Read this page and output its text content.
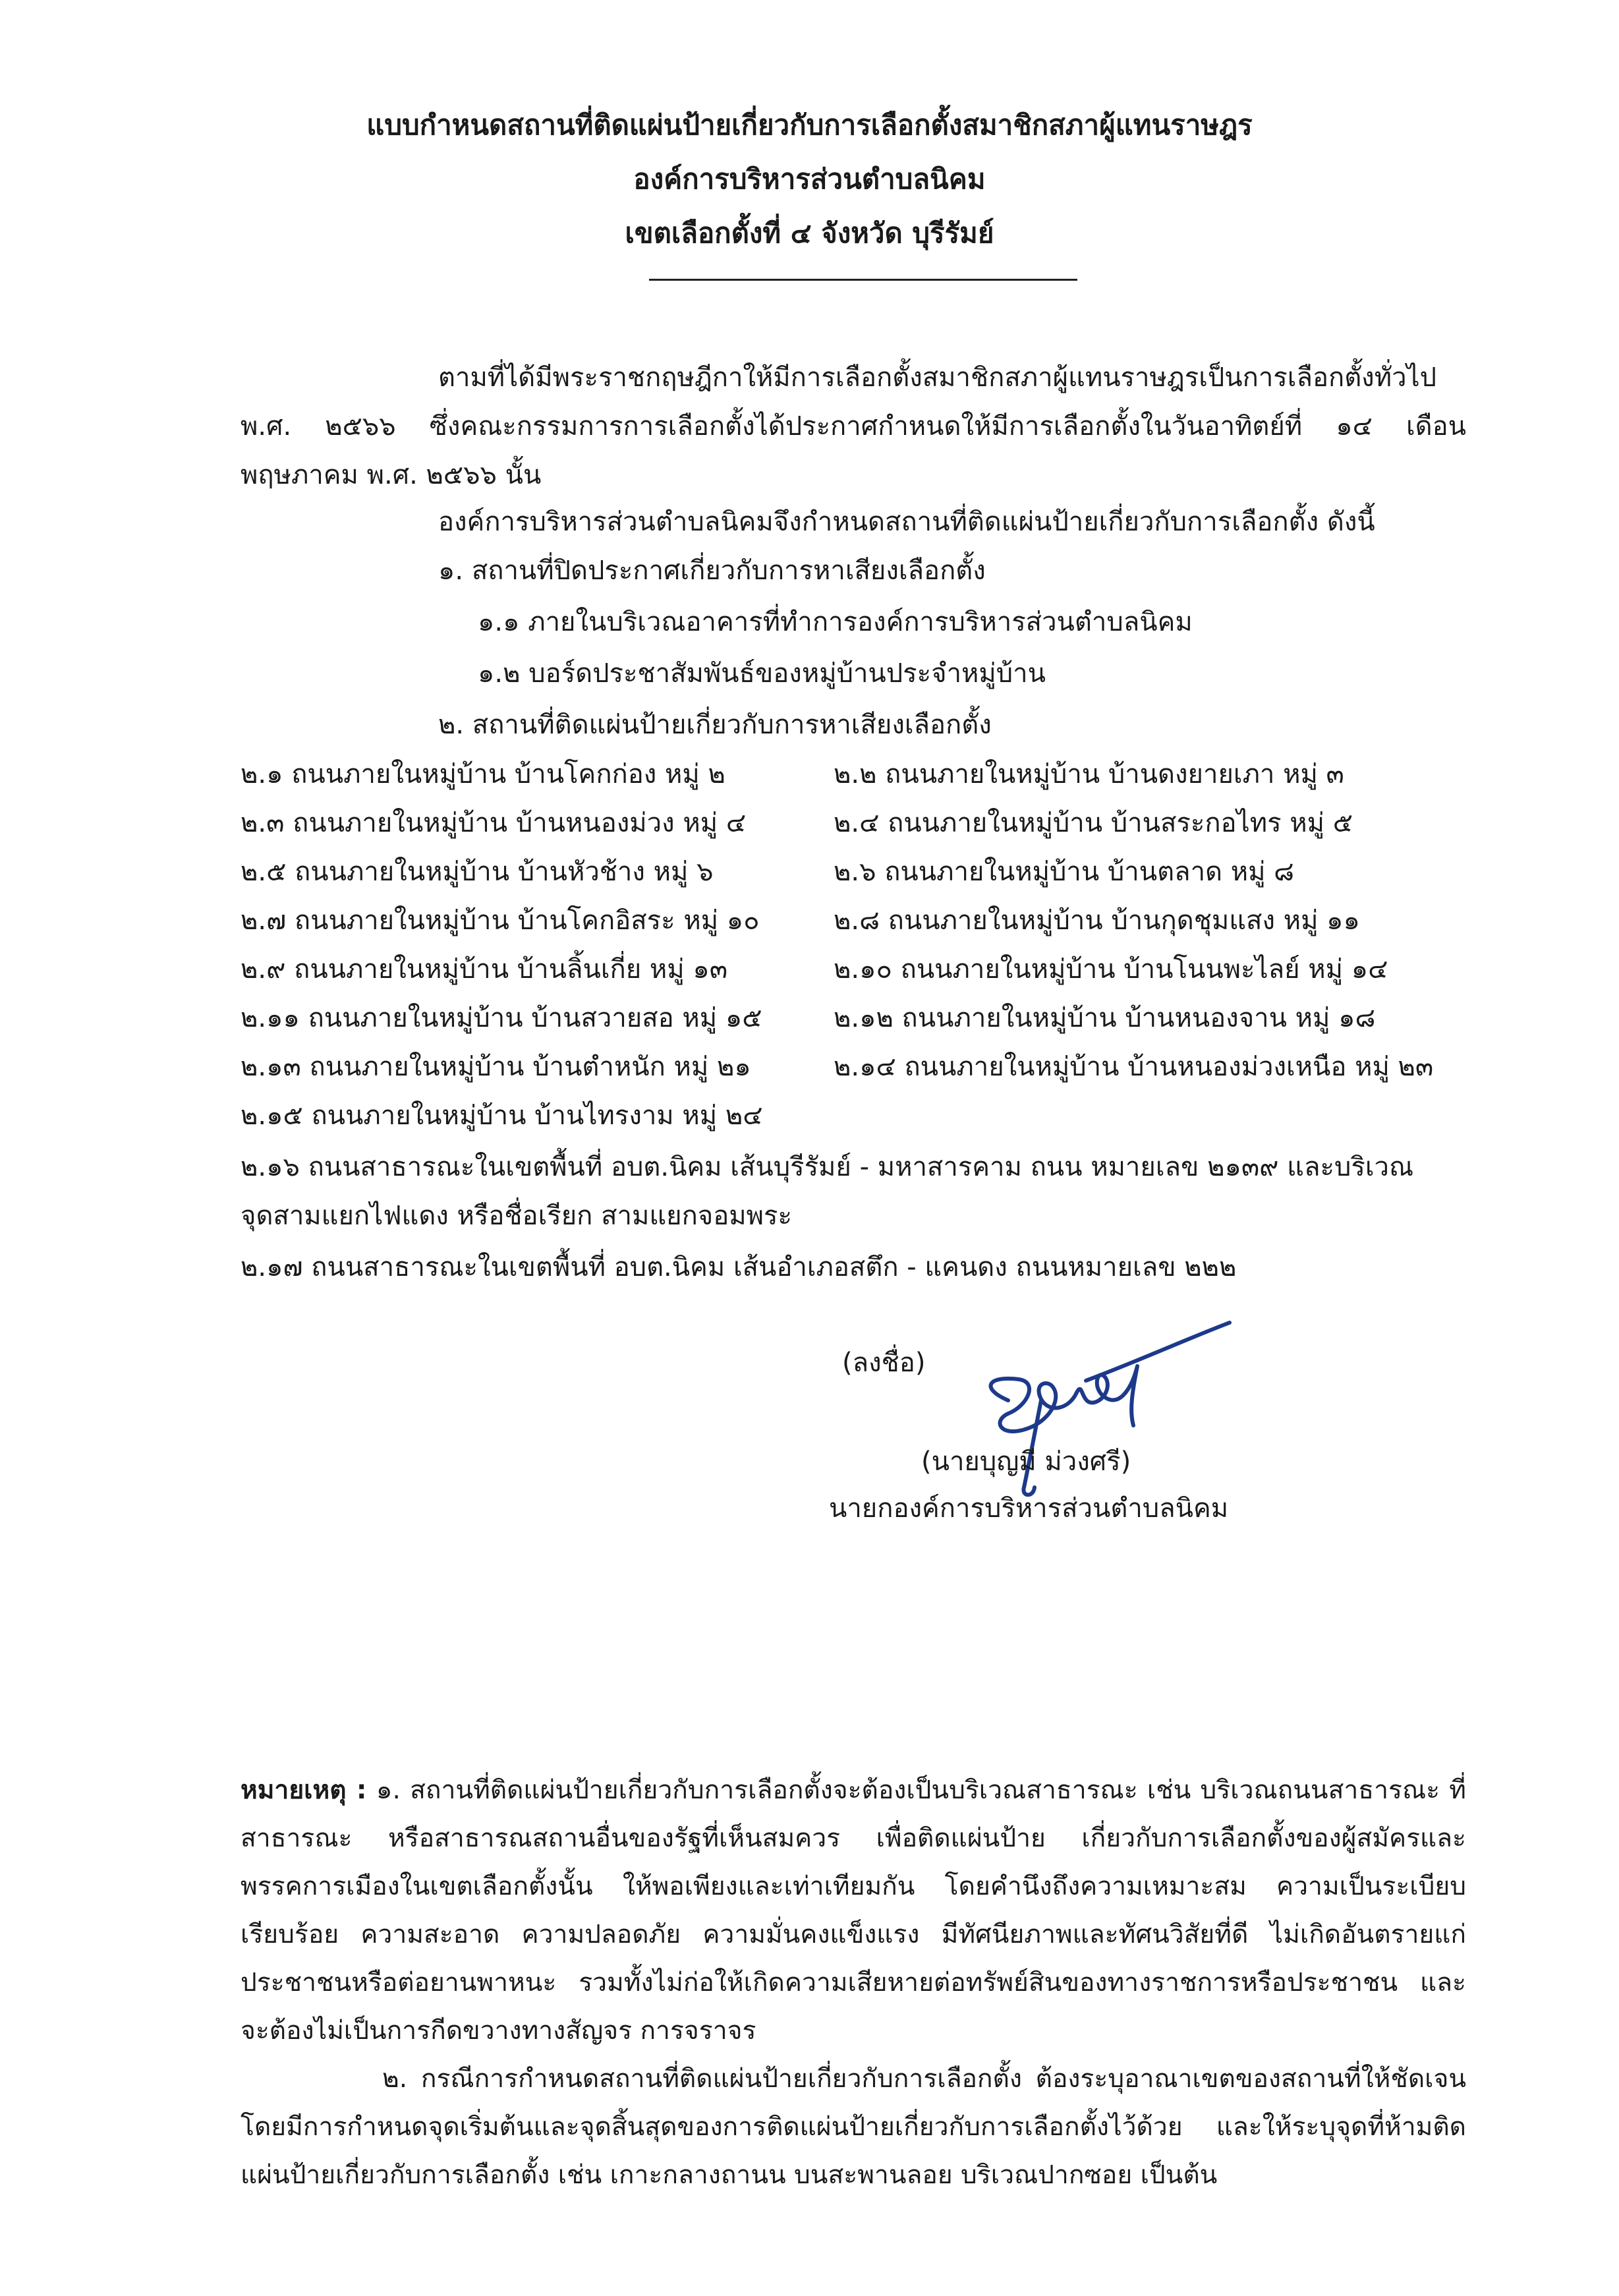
แบบกำหนดสถานที่ติดแผ่นป้ายเกี่ยวกับการเลือกตั้งสมาชิกสภาผู้แทนราษฎร
องค์การบริหารส่วนตำบลนิคม
เขตเลือกตั้งที่ ๔ จังหวัด บุรีรัมย์
ตามที่ได้มีพระราชกฤษฎีกาให้มีการเลือกตั้งสมาชิกสภาผู้แทนราษฎรเป็นการเลือกตั้งทั่วไป พ.ศ. ๒๕๖๖ ซึ่งคณะกรรมการการเลือกตั้งได้ประกาศกำหนดให้มีการเลือกตั้งในวันอาทิตย์ที่ ๑๔ เดือน พฤษภาคม พ.ศ. ๒๕๖๖ นั้น
องค์การบริหารส่วนตำบลนิคมจึงกำหนดสถานที่ติดแผ่นป้ายเกี่ยวกับการเลือกตั้ง ดังนี้
๑. สถานที่ปิดประกาศเกี่ยวกับการหาเสียงเลือกตั้ง
๑.๑ ภายในบริเวณอาคารที่ทำการองค์การบริหารส่วนตำบลนิคม
๑.๒ บอร์ดประชาสัมพันธ์ของหมู่บ้านประจำหมู่บ้าน
๒. สถานที่ติดแผ่นป้ายเกี่ยวกับการหาเสียงเลือกตั้ง
๒.๑ ถนนภายในหมู่บ้าน บ้านโคกก่อง หมู่ ๒
๒.๓ ถนนภายในหมู่บ้าน บ้านหนองม่วง หมู่ ๔
๒.๕ ถนนภายในหมู่บ้าน บ้านหัวช้าง หมู่ ๖
๒.๗ ถนนภายในหมู่บ้าน บ้านโคกอิสระ หมู่ ๑๐
๒.๙ ถนนภายในหมู่บ้าน บ้านลิ้นเกี่ย หมู่ ๑๓
๒.๑๑ ถนนภายในหมู่บ้าน บ้านสวายสอ หมู่ ๑๕
๒.๑๓ ถนนภายในหมู่บ้าน บ้านตำหนัก หมู่ ๒๑
๒.๑๕ ถนนภายในหมู่บ้าน บ้านไทรงาม หมู่ ๒๔
๒.๒ ถนนภายในหมู่บ้าน บ้านดงยายเภา หมู่ ๓
๒.๔ ถนนภายในหมู่บ้าน บ้านสระกอไทร หมู่ ๕
๒.๖ ถนนภายในหมู่บ้าน บ้านตลาด หมู่ ๘
๒.๘ ถนนภายในหมู่บ้าน บ้านกุดชุมแสง หมู่ ๑๑
๒.๑๐ ถนนภายในหมู่บ้าน บ้านโนนพะไลย์ หมู่ ๑๔
๒.๑๒ ถนนภายในหมู่บ้าน บ้านหนองจาน หมู่ ๑๘
๒.๑๔ ถนนภายในหมู่บ้าน บ้านหนองม่วงเหนือ หมู่ ๒๓
๒.๑๖ ถนนสาธารณะในเขตพื้นที่ อบต.นิคม เส้นบุรีรัมย์ - มหาสารคาม ถนน หมายเลข ๒๑๓๙ และบริเวณ
จุดสามแยกไฟแดง หรือชื่อเรียก สามแยกจอมพระ
๒.๑๗ ถนนสาธารณะในเขตพื้นที่ อบต.นิคม เส้นอำเภอสตึก - แคนดง ถนนหมายเลข ๒๒๒
(ลงชื่อ)
(นายบุญมี ม่วงศรี)
นายกองค์การบริหารส่วนตำบลนิคม
หมายเหตุ : ๑. สถานที่ติดแผ่นป้ายเกี่ยวกับการเลือกตั้งจะต้องเป็นบริเวณสาธารณะ เช่น บริเวณถนนสาธารณะ ที่สาธารณะ หรือสาธารณสถานอื่นของรัฐที่เห็นสมควร เพื่อติดแผ่นป้าย เกี่ยวกับการเลือกตั้งของผู้สมัครและพรรคการเมืองในเขตเลือกตั้งนั้น ให้พอเพียงและเท่าเทียมกัน โดยคำนึงถึงความเหมาะสม ความเป็นระเบียบเรียบร้อย ความสะอาด ความปลอดภัย ความมั่นคงแข็งแรง มีทัศนียภาพและทัศนวิสัยที่ดี ไม่เกิดอันตรายแก่ประชาชนหรือต่อยานพาหนะ รวมทั้งไม่ก่อให้เกิดความเสียหายต่อทรัพย์สินของทางราชการหรือประชาชน และจะต้องไม่เป็นการกีดขวางทางสัญจร การจราจร
๒. กรณีการกำหนดสถานที่ติดแผ่นป้ายเกี่ยวกับการเลือกตั้ง ต้องระบุอาณาเขตของสถานที่ให้ชัดเจน โดยมีการกำหนดจุดเริ่มต้นและจุดสิ้นสุดของการติดแผ่นป้ายเกี่ยวกับการเลือกตั้งไว้ด้วย และให้ระบุจุดที่ห้ามติดแผ่นป้ายเกี่ยวกับการเลือกตั้ง เช่น เกาะกลางถานน บนสะพานลอย บริเวณปากซอย เป็นต้น
